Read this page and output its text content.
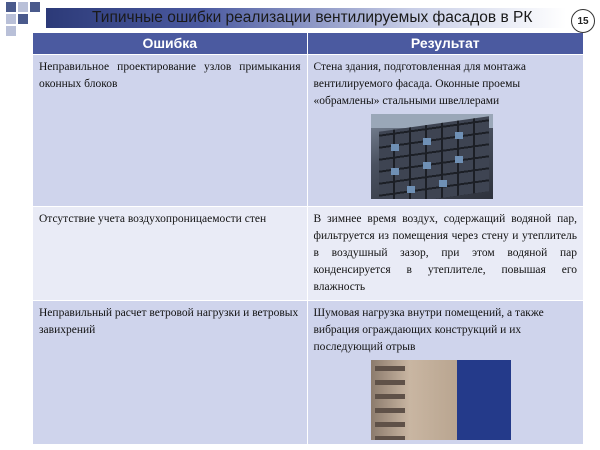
Типичные ошибки реализации вентилируемых фасадов в РК	15
Ошибка	Результат
Неправильное проектирование узлов примыкания оконных блоков	Стена здания, подготовленная для монтажа вентилируемого фасада. Оконные проемы «обрамлены» стальными швеллерами

Отсутствие учета воздухопроницаемости стен	В зимнее время воздух, содержащий водяной пар, фильтруется из помещения через стену и утеплитель в воздушный зазор, при этом водяной пар конденсируется в утеплителе, повышая его влажность
Неправильный расчет ветровой нагрузки и ветровых завихрений	Шумовая нагрузка внутри помещений, а также вибрация ограждающих конструкций и их последующий отрыв
